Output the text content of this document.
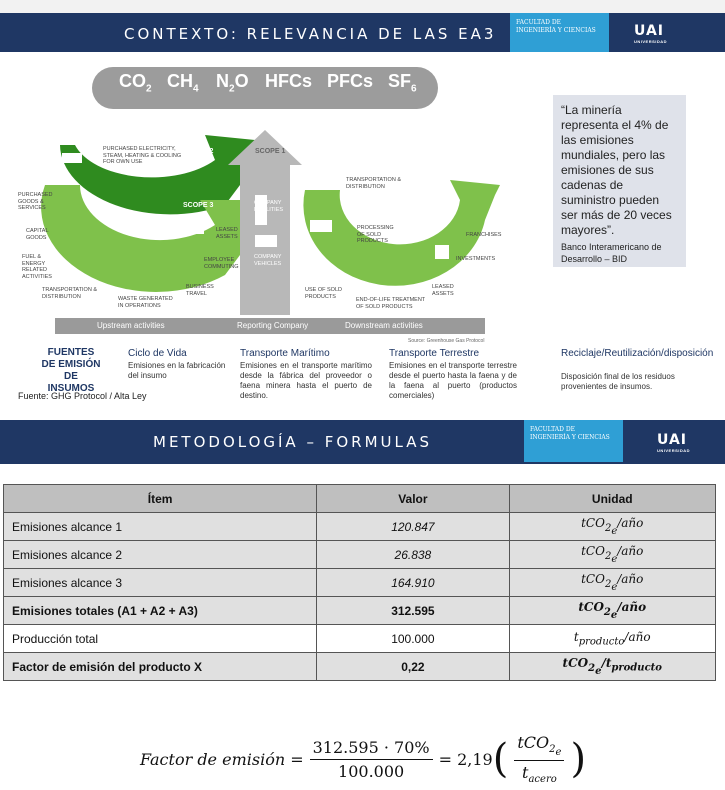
CONTEXTO: RELEVANCIA DE LAS EA3
FACULTAD DE
INGENIERÍA Y CIENCIAS	UAI
UNIVERSIDAD
$CO_2$ $CH_4$ $N_2O$ HFCs PFCs $SF_6$
SCOPE 2	SCOPE 1
SCOPE 3	SCOPE 3
PURCHASED ELECTRICITY, STEAM, HEATING & COOLING FOR OWN USE
PURCHASED GOODS & SERVICES
CAPITAL GOODS
FUEL & ENERGY RELATED ACTIVITIES
TRANSPORTATION & DISTRIBUTION	WASTE GENERATED IN OPERATIONS
BUSINESS TRAVEL
EMPLOYEE COMMUTING
LEASED ASSETS
COMPANY FACILITIES
COMPANY VEHICLES
TRANSPORTATION & DISTRIBUTION
PROCESSING OF SOLD PRODUCTS
FRANCHISES
INVESTMENTS
LEASED ASSETS
USE OF SOLD PRODUCTS
END-OF-LIFE TREATMENT OF SOLD PRODUCTS
Upstream activities	Reporting Company	Downstream activities
Source: Greenhouse Gas Protocol
“La minería representa el 4% de las emisiones mundiales, pero las emisiones de sus cadenas de suministro pueden ser más de 20 veces mayores”.
Banco Interamericano de Desarrollo – BID
FUENTES DE EMISIÓN DE INSUMOS
Ciclo de Vida
Emisiones en la fabricación del insumo
Transporte Marítimo
Emisiones en el transporte marítimo desde la fábrica del proveedor o faena minera hasta el puerto de destino.
Transporte Terrestre
Emisiones en el transporte terrestre desde el puerto hasta la faena y de la faena al puerto (productos comerciales)
Reciclaje/Reutilización/disposición
Disposición final de los residuos provenientes de insumos.
Fuente: GHG Protocol / Alta Ley
METODOLOGÍA – FORMULAS
FACULTAD DE
INGENIERÍA Y CIENCIAS	UAI
UNIVERSIDAD
Ítem	Valor	Unidad
Emisiones alcance 1	120.847	tCO$_{2_e}$/año
Emisiones alcance 2	26.838	tCO$_{2_e}$/año
Emisiones alcance 3	164.910	tCO$_{2_e}$/año
Emisiones totales (A1 + A2 + A3)	312.595	tCO$_{2_e}$/año
Producción total	100.000	$t_{producto}$/año
Factor de emisión del producto X	0,22	$tCO_{2_e}/t_{producto}$
Factor de emisión = $\frac{312.595 \cdot 70\%}{100.000} = 2,19$ ( $\frac{tCO_{2_e}}{t_{acero}}$ )
